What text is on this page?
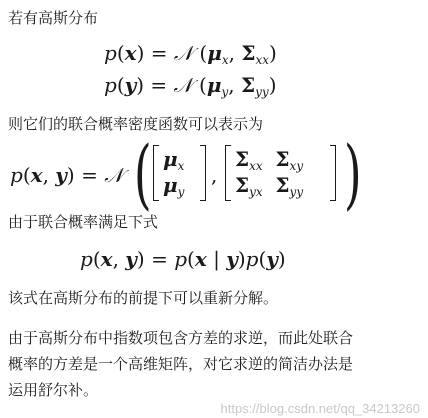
若有高斯分布
p(x) = 𝒩 ($\mu_x$, $\Sigma_{xx}$)
p(y) = 𝒩 ($\mu_y$, $\Sigma_{yy}$)
则它们的联合概率密度函数可以表示为
p(x, y) = 𝒩 ( $\mu_x$
$\mu_y$
,
$\Sigma_{xx}$ $\Sigma_{xy}$
$\Sigma_{yx}$ $\Sigma_{yy}$ )
由于联合概率满足下式
p(x, y) = p(x | y)p(y)
该式在高斯分布的前提下可以重新分解。
由于高斯分布中指数项包含方差的求逆，而此处联合
概率的方差是一个高维矩阵，对它求逆的简洁办法是
运用舒尔补。
https://blog.csdn.net/qq_34213260
